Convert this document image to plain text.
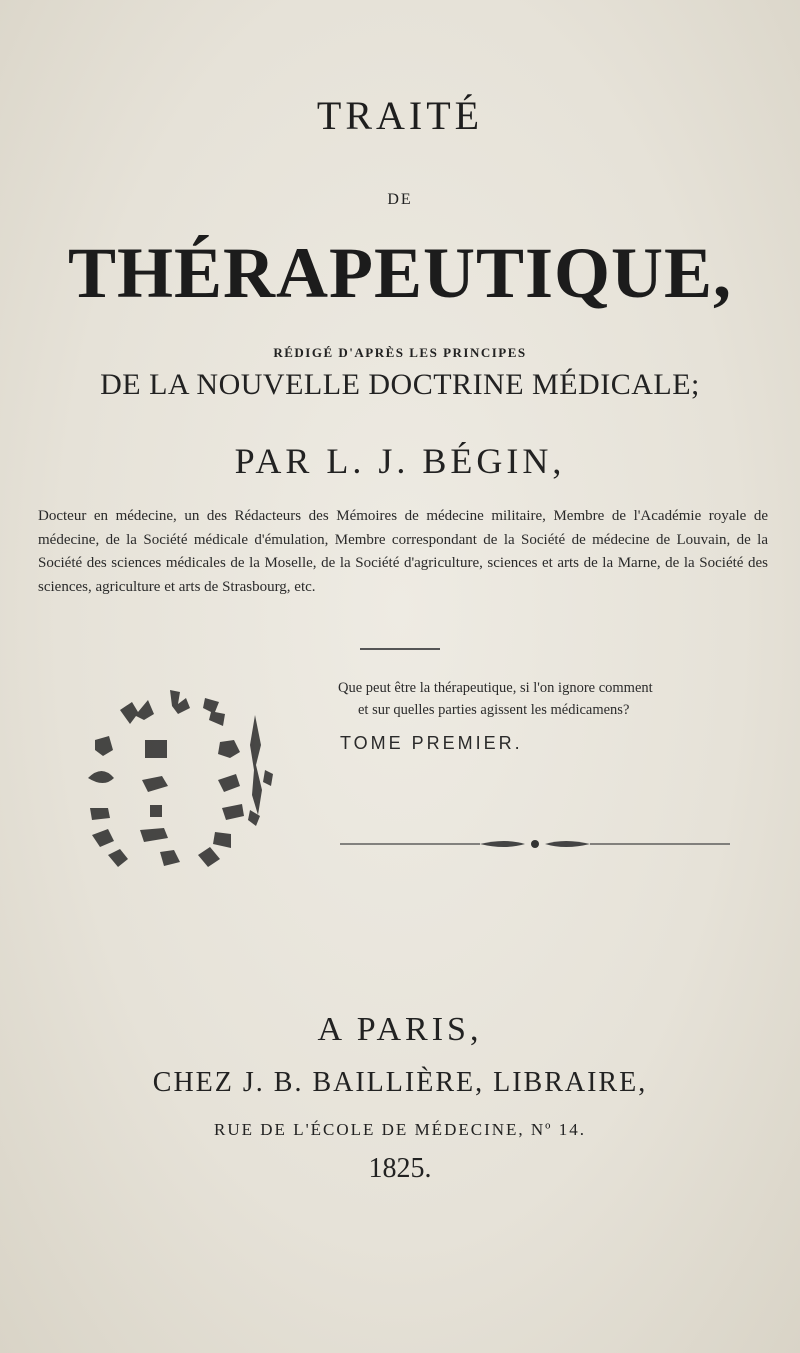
TRAITÉ
DE
THÉRAPEUTIQUE,
RÉDIGÉ D'APRÈS LES PRINCIPES
DE LA NOUVELLE DOCTRINE MÉDICALE;
PAR L. J. BÉGIN,
Docteur en médecine, un des Rédacteurs des Mémoires de médecine militaire, Membre de l'Académie royale de médecine, de la Société médicale d'émulation, Membre correspondant de la Société de médecine de Louvain, de la Société des sciences médicales de la Moselle, de la Société d'agriculture, sciences et arts de la Marne, de la Société des sciences, agriculture et arts de Strasbourg, etc.
Que peut être la thérapeutique, si l'on ignore comment
et sur quelles parties agissent les médicamens?
TOME PREMIER.
A PARIS,
CHEZ J. B. BAILLIÈRE, LIBRAIRE,
RUE DE L'ÉCOLE DE MÉDECINE, Nº 14.
1825.
